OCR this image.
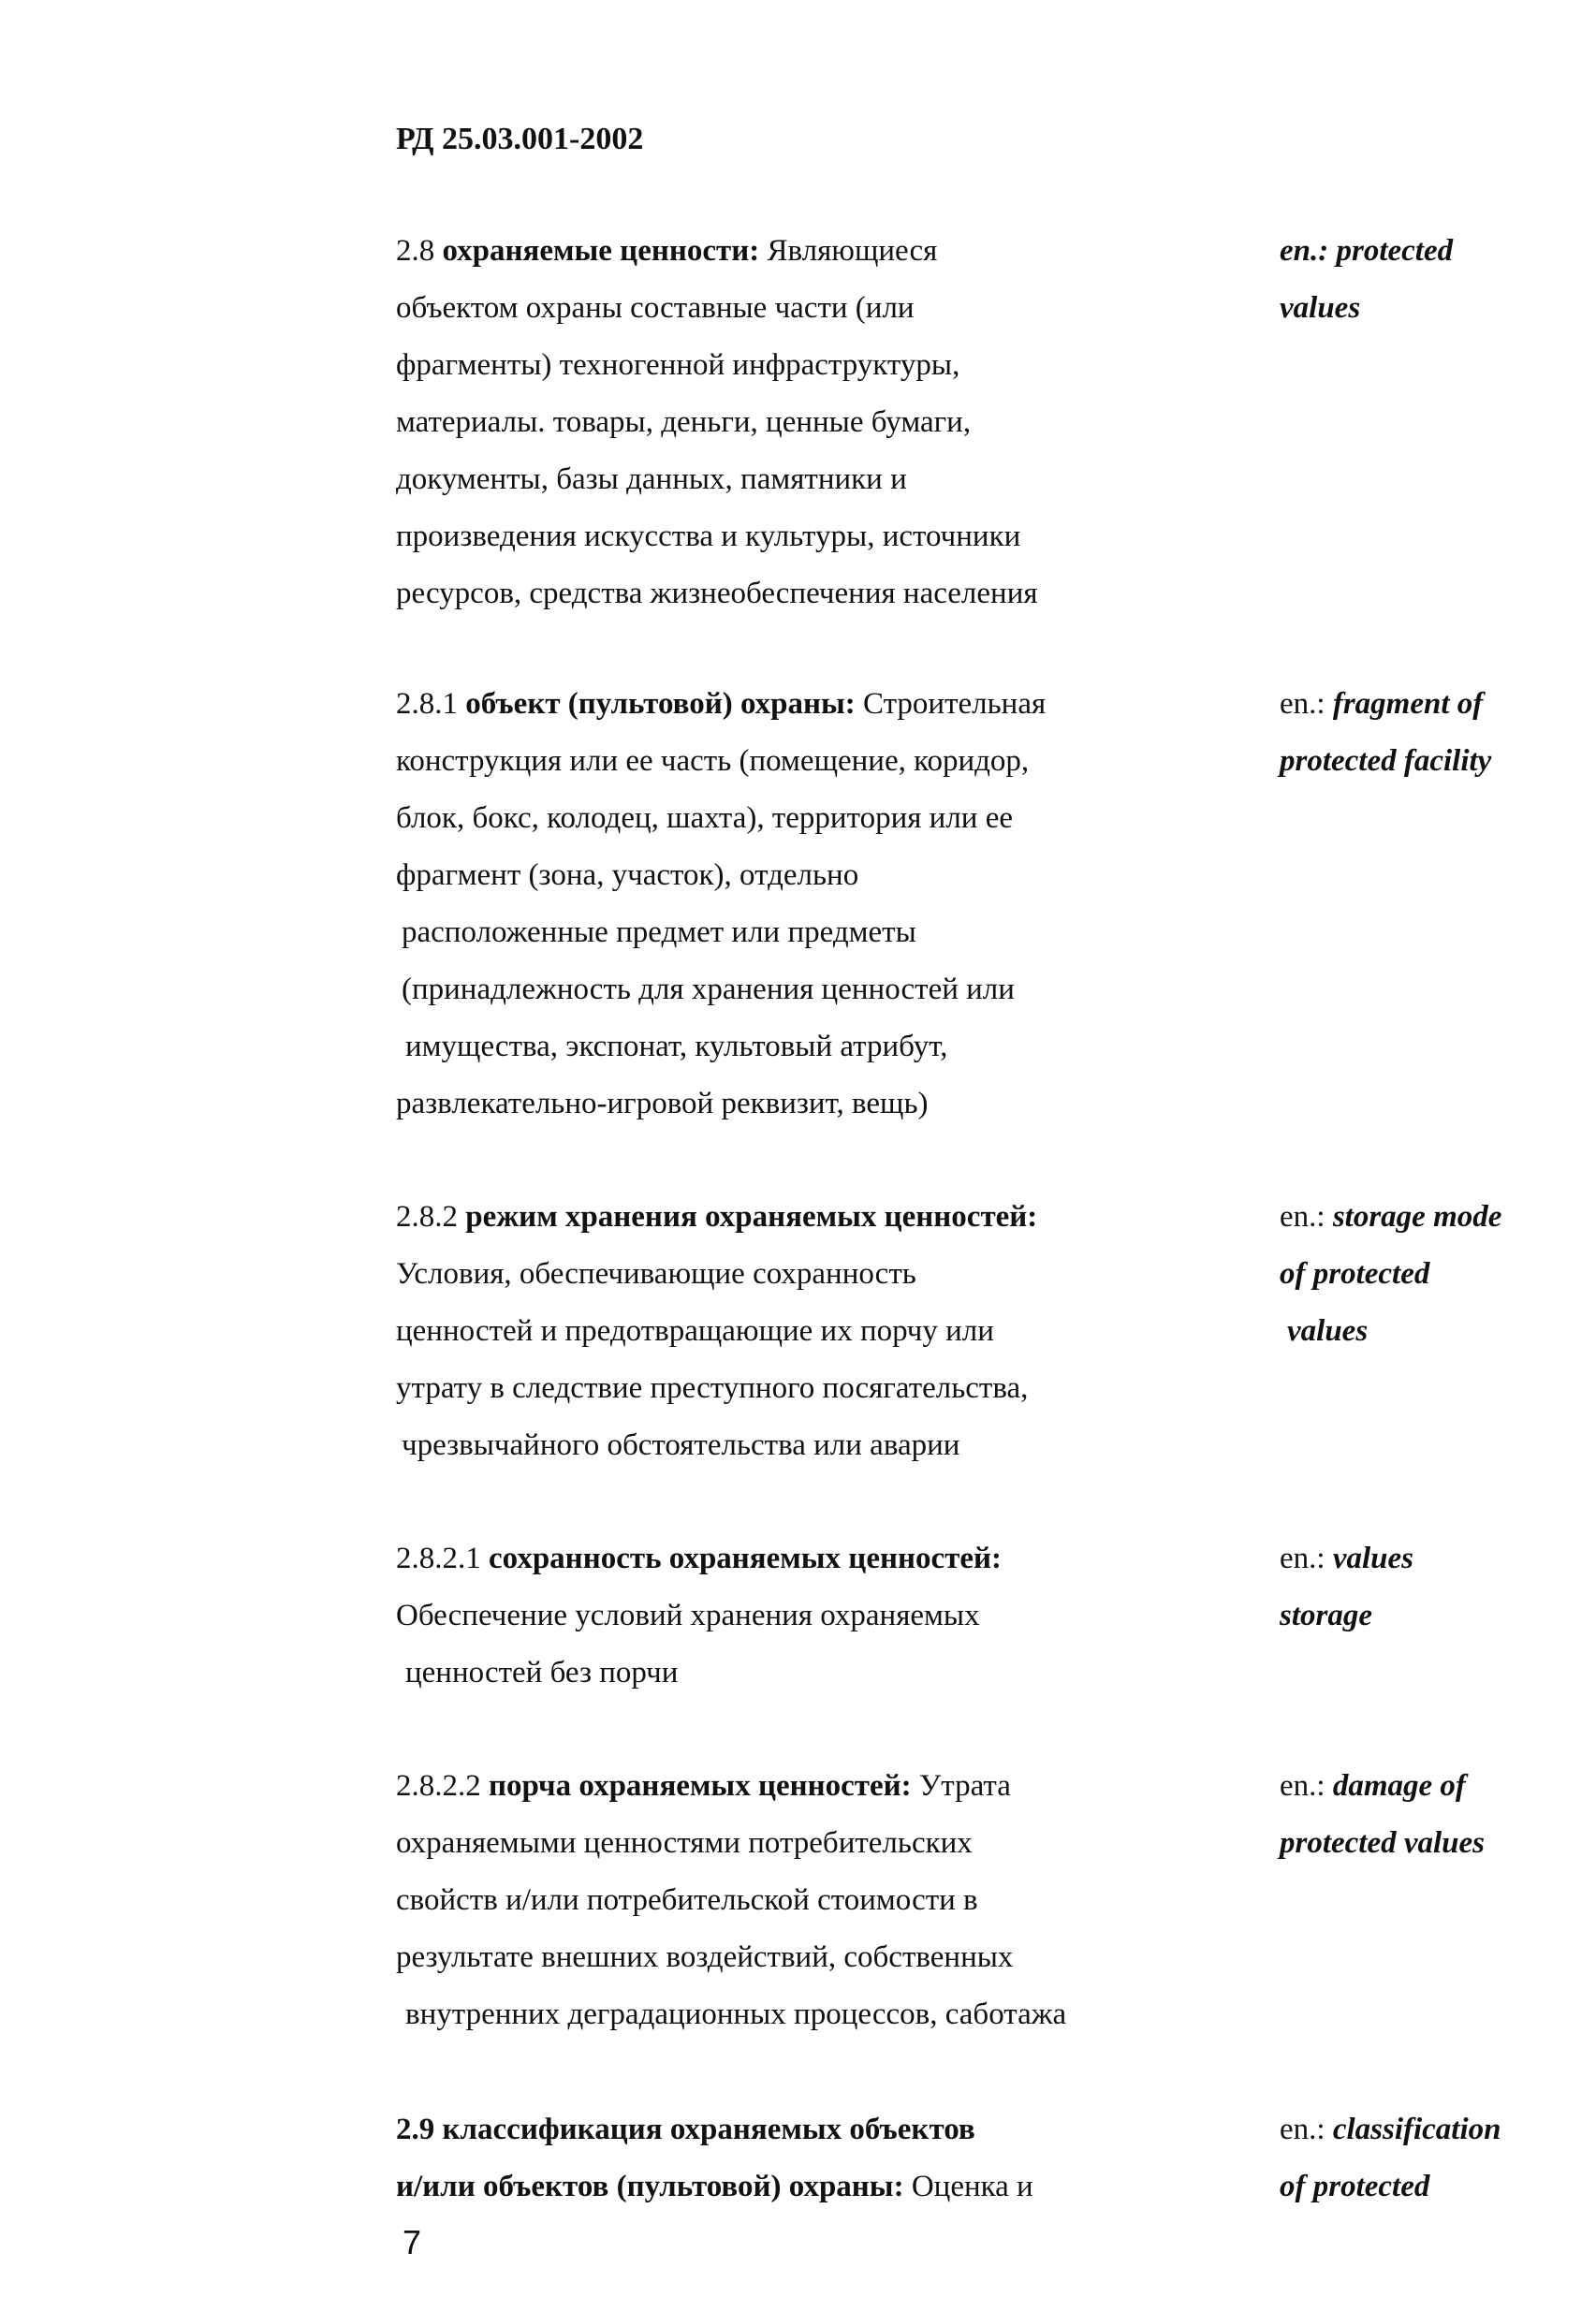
РД 25.03.001-2002
2.8 охраняемые ценности: Являющиеся
объектом охраны составные части (или
фрагменты) техногенной инфраструктуры,
материалы. товары, деньги, ценные бумаги,
документы, базы данных, памятники и
произведения искусства и культуры, источники
ресурсов, средства жизнеобеспечения населения
en.: protected
values
2.8.1 объект (пультовой) охраны: Строительная
конструкция или ее часть (помещение, коридор,
блок, бокс, колодец, шахта), территория или ее
фрагмент (зона, участок), отдельно
расположенные предмет или предметы
(принадлежность для хранения ценностей или
имущества, экспонат, культовый атрибут,
развлекательно-игровой реквизит, вещь)
en.: fragment of
protected facility
2.8.2 режим хранения охраняемых ценностей:
Условия, обеспечивающие сохранность
ценностей и предотвращающие их порчу или
утрату в следствие преступного посягательства,
чрезвычайного обстоятельства или аварии
en.: storage mode
of protected
values
2.8.2.1 сохранность охраняемых ценностей:
Обеспечение условий хранения охраняемых
ценностей без порчи
en.: values
storage
2.8.2.2 порча охраняемых ценностей: Утрата
охраняемыми ценностями потребительских
свойств и/или потребительской стоимости в
результате внешних воздействий, собственных
внутренних деградационных процессов, саботажа
en.: damage of
protected values
2.9 классификация охраняемых объектов
и/или объектов (пультовой) охраны: Оценка и
en.: classification
of protected
7
